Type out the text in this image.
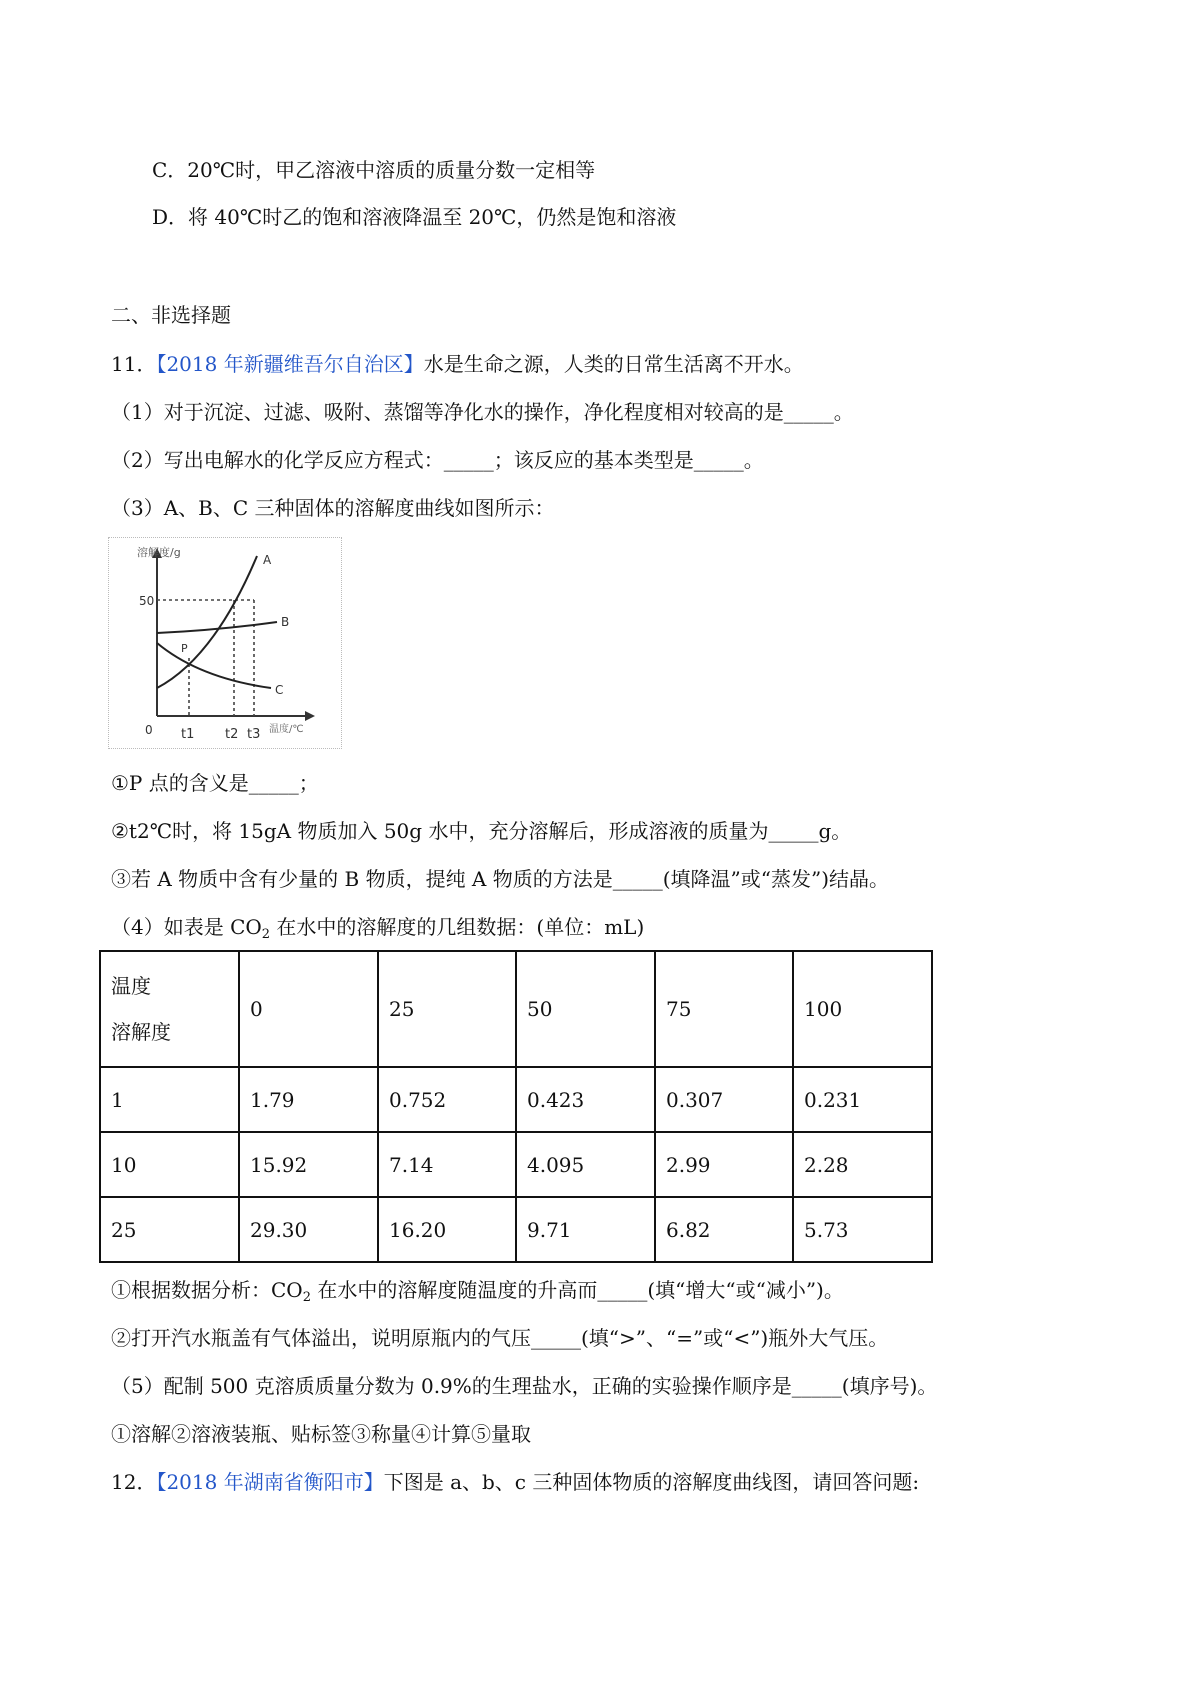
C．20℃时，甲乙溶液中溶质的质量分数一定相等
D．将 40℃时乙的饱和溶液降温至 20℃，仍然是饱和溶液
二、非选择题
11．【2018 年新疆维吾尔自治区】水是生命之源，人类的日常生活离不开水。
（1）对于沉淀、过滤、吸附、蒸馏等净化水的操作，净化程度相对较高的是_____。
（2）写出电解水的化学反应方程式：_____；该反应的基本类型是_____。
（3）A、B、C 三种固体的溶解度曲线如图所示：
溶解度/g
50
A
B
C
P
0 t1 t2 t3 温度/℃
①P 点的含义是_____；
②t2℃时，将 15gA 物质加入 50g 水中，充分溶解后，形成溶液的质量为_____g。
③若 A 物质中含有少量的 B 物质，提纯 A 物质的方法是_____(填降温”或“蒸发”)结晶。
（4）如表是 $CO_2$ 在水中的溶解度的几组数据：(单位：mL)
温度
溶解度	0	25	50	75	100
1	1.79	0.752	0.423	0.307	0.231
10	15.92	7.14	4.095	2.99	2.28
25	29.30	16.20	9.71	6.82	5.73
①根据数据分析：$CO_2$ 在水中的溶解度随温度的升高而_____(填“增大“或“减小”)。
②打开汽水瓶盖有气体溢出，说明原瓶内的气压_____(填“>”、“=”或“<”)瓶外大气压。
（5）配制 500 克溶质质量分数为 0.9%的生理盐水，正确的实验操作顺序是_____(填序号)。
①溶解②溶液装瓶、贴标签③称量④计算⑤量取
12．【2018 年湖南省衡阳市】下图是 a、b、c 三种固体物质的溶解度曲线图，请回答问题:
